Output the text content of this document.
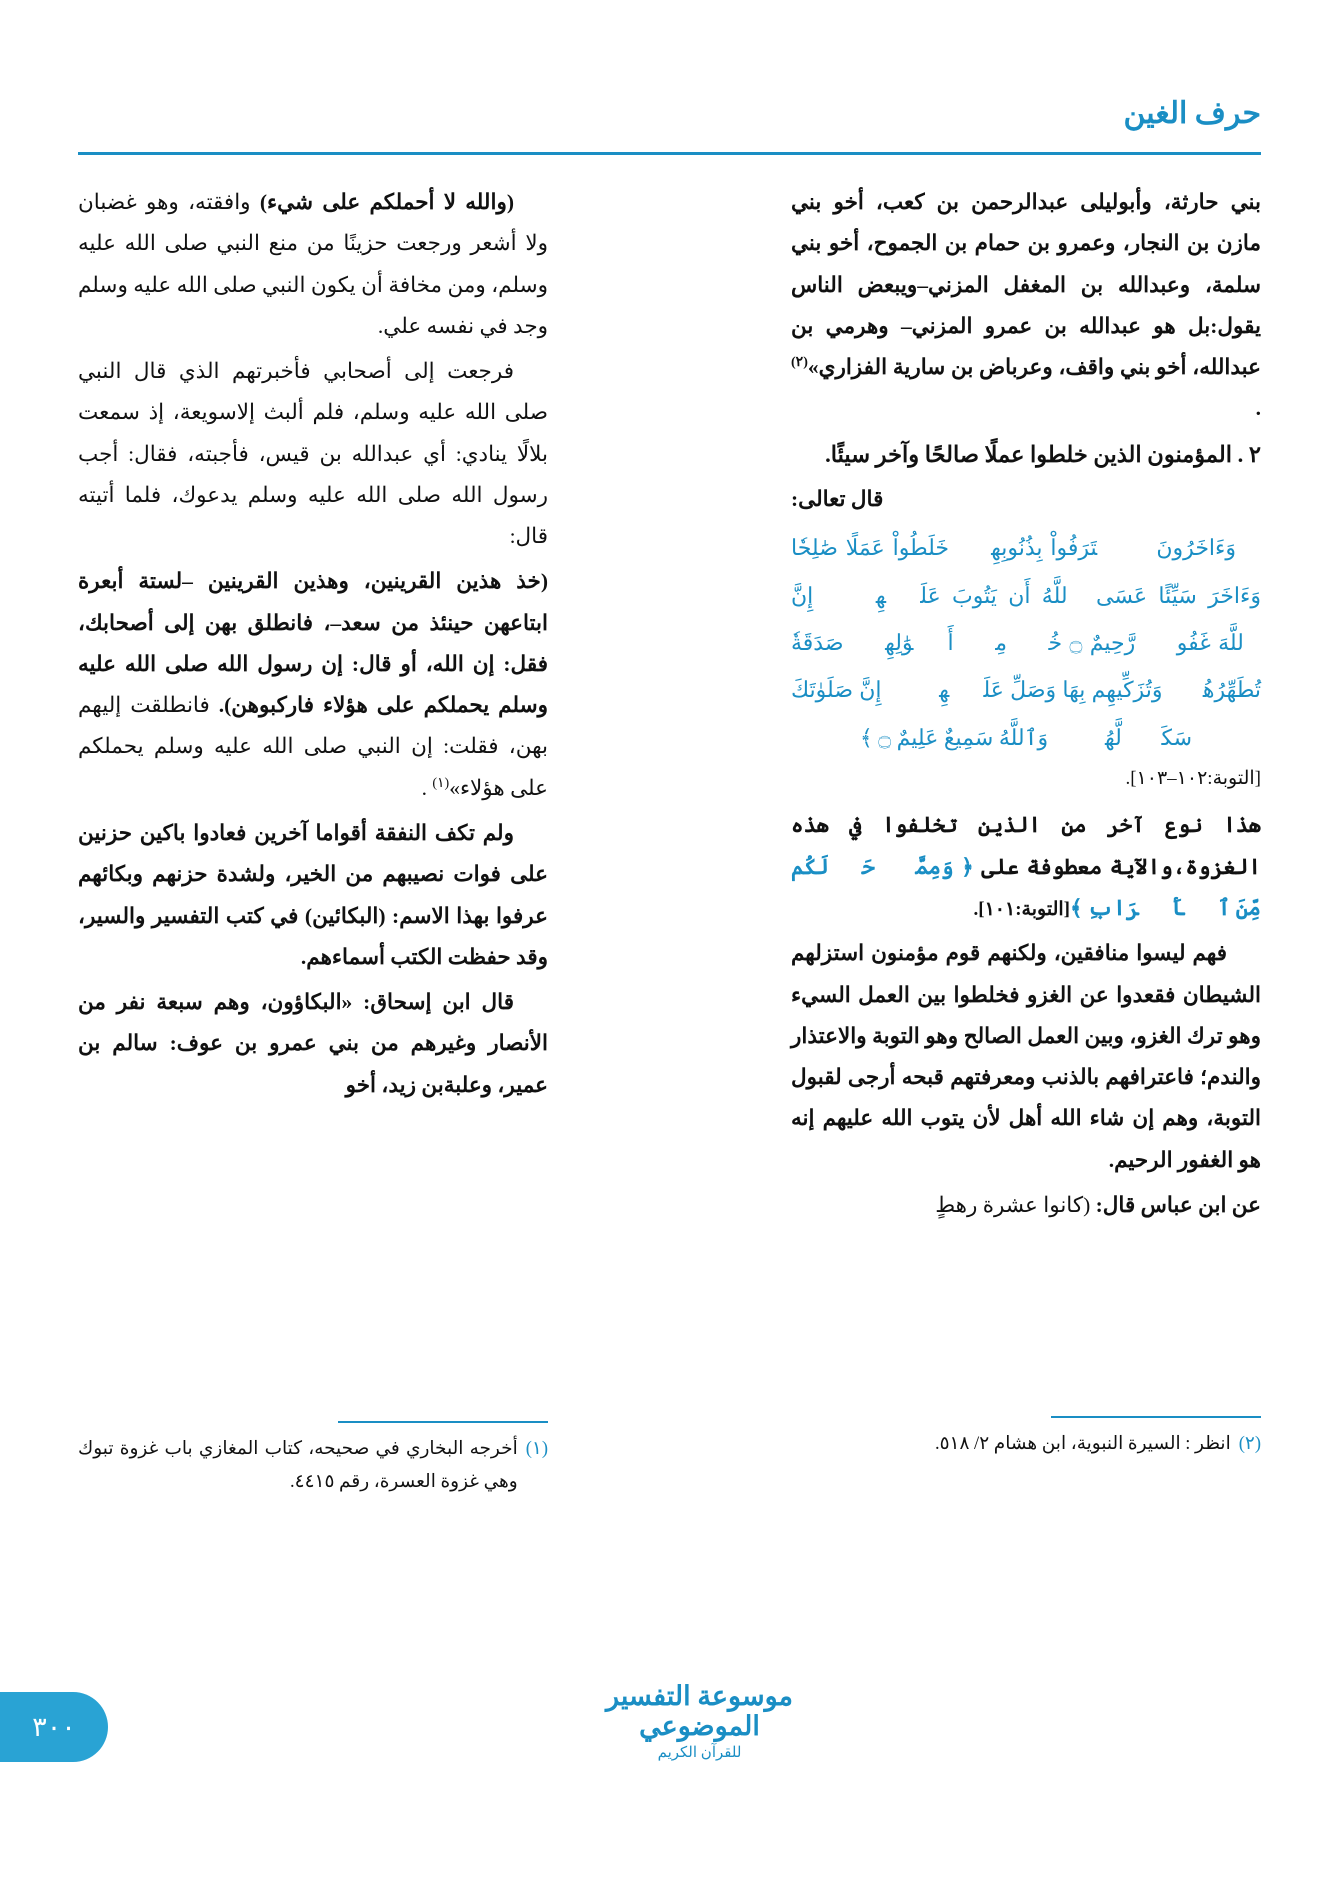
حرف الغين

(والله لا أحملكم على شيء) وافقته، وهو غضبان ولا أشعر ورجعت حزينًا من منع النبي صلى الله عليه وسلم، ومن مخافة أن يكون النبي صلى الله عليه وسلم وجد في نفسه علي.

فرجعت إلى أصحابي فأخبرتهم الذي قال النبي صلى الله عليه وسلم، فلم ألبث إلاسويعة، إذ سمعت بلالًا ينادي: أي عبدالله بن قيس، فأجبته، فقال: أجب رسول الله صلى الله عليه وسلم يدعوك، فلما أتيته قال:

(خذ هذين القرينين، وهذين القرينين –لستة أبعرة ابتاعهن حينئذ من سعد–، فانطلق بهن إلى أصحابك، فقل: إن الله، أو قال: إن رسول الله صلى الله عليه وسلم يحملكم على هؤلاء فاركبوهن). فانطلقت إليهم بهن، فقلت: إن النبي صلى الله عليه وسلم يحملكم على هؤلاء»$^{(١)}$ .

ولم تكف النفقة أقواما آخرين فعادوا باكين حزنين على فوات نصيبهم من الخير، ولشدة حزنهم وبكائهم عرفوا بهذا الاسم: (البكائين) في كتب التفسير والسير، وقد حفظت الكتب أسماءهم.

قال ابن إسحاق: «البكاؤون، وهم سبعة نفر من الأنصار وغيرهم من بني عمرو بن عوف: سالم بن عمير، وعلبةبن زيد، أخو

بني حارثة، وأبوليلى عبدالرحمن بن كعب، أخو بني مازن بن النجار، وعمرو بن حمام بن الجموح، أخو بني سلمة، وعبدالله بن المغفل المزني–ويبعض الناس يقول:بل هو عبدالله بن عمرو المزني– وهرمي بن عبدالله، أخو بني واقف، وعرباض بن سارية الفزاري»$^{(٢)}$ .

٢ . المؤمنون الذين خلطوا عملًا صالحًا وآخر سيئًا.

قال تعالى:

﴿ وَءَاخَرُونَ ٱعۡتَرَفُواْ بِذُنُوبِهِمۡ خَلَطُواْ عَمَلًا صَٰلِحٗا وَءَاخَرَ سَيِّئًا عَسَى ٱللَّهُ أَن يَتُوبَ عَلَيۡهِمۡۚ إِنَّ ٱللَّهَ غَفُورٞ رَّحِيمٌ ۝ خُذۡ مِنۡ أَمۡوَٰلِهِمۡ صَدَقَةٗ تُطَهِّرُهُمۡ وَتُزَكِّيهِم بِهَا وَصَلِّ عَلَيۡهِمۡۖ إِنَّ صَلَوٰتَكَ سَكَنٞ لَّهُمۡۗ وَٱللَّهُ سَمِيعٌ عَلِيمٌ ۝ ﴾
[التوبة:١٠٢–١٠٣].

هذا نوع آخر من الذين تخلفوا في هذه الغزوة،والآية معطوفة على ﴿ وَمِمَّنۡ حَوۡلَكُم مِّنَ ٱلۡأَعۡرَابِ ﴾[التوبة:١٠١].

فهم ليسوا منافقين، ولكنهم قوم مؤمنون استزلهم الشيطان فقعدوا عن الغزو فخلطوا بين العمل السيء وهو ترك الغزو، وبين العمل الصالح وهو التوبة والاعتذار والندم؛ فاعترافهم بالذنب ومعرفتهم قبحه أرجى لقبول التوبة، وهم إن شاء الله أهل لأن يتوب الله عليهم إنه هو الغفور الرحيم.

عن ابن عباس قال: (كانوا عشرة رهطٍ

(١)
أخرجه البخاري في صحيحه، كتاب المغازي باب غزوة تبوك وهي غزوة العسرة، رقم ٤٤١٥.
(٢)
انظر : السيرة النبوية، ابن هشام ٢/ ٥١٨.
موسوعة التفسير الموضوعي
للقرآن الكريم
٣٠٠
